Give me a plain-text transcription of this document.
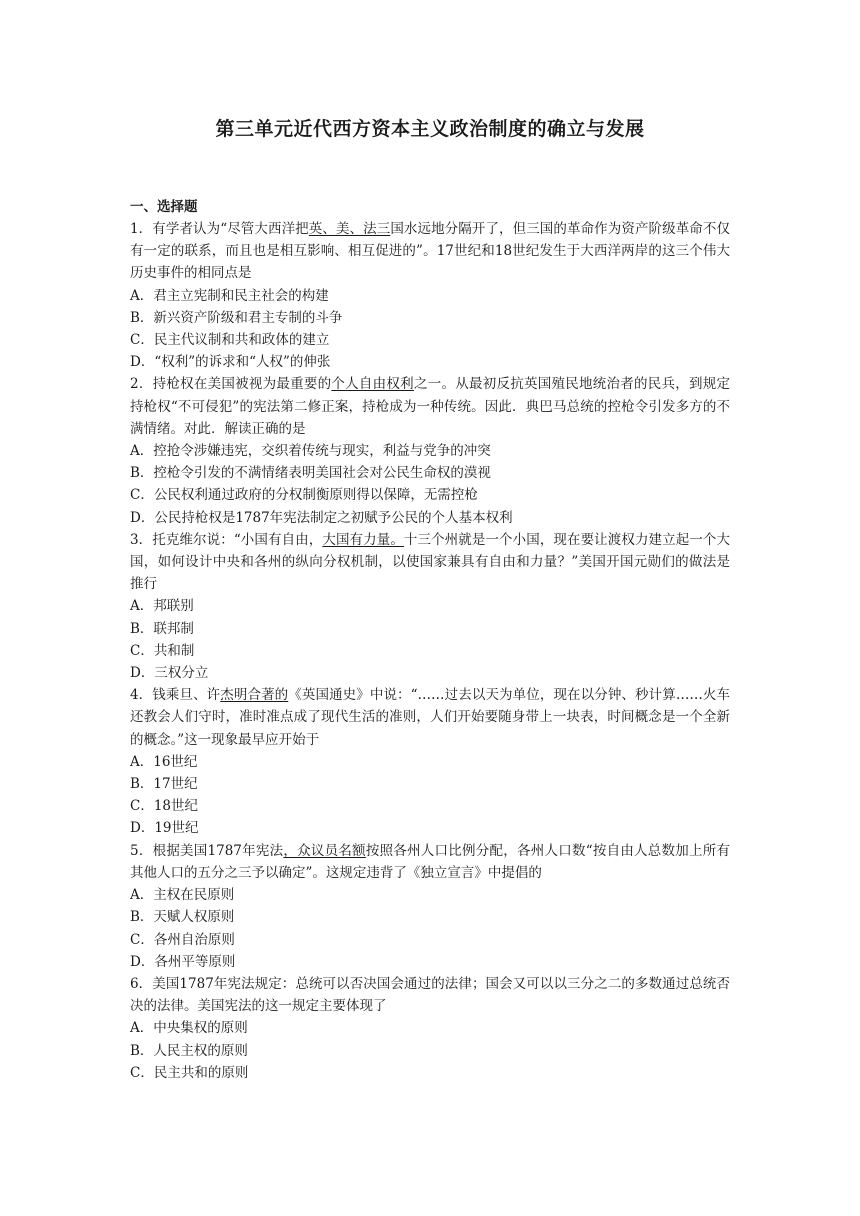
第三单元近代西方资本主义政治制度的确立与发展
一、选择题
1．有学者认为“尽管大西洋把英、美、法三国水远地分隔开了，但三国的革命作为资产阶级革命不仅有一定的联系，而且也是相互影响、相互促进的”。17世纪和18世纪发生于大西洋两岸的这三个伟大历史事件的相同点是
A．君主立宪制和民主社会的构建
B．新兴资产阶级和君主专制的斗争
C．民主代议制和共和政体的建立
D．“权利”的诉求和“人权”的伸张
2．持枪权在美国被视为最重要的个人自由权利之一。从最初反抗英国殖民地统治者的民兵，到规定持枪权“不可侵犯”的宪法第二修正案，持枪成为一种传统。因此．典巴马总统的控枪令引发多方的不满情绪。对此．解读正确的是
A．控抢令涉嫌违宪，交织着传统与现实，利益与党争的冲突
B．控枪令引发的不满情绪表明美国社会对公民生命权的漠视
C．公民权利通过政府的分权制衡原则得以保障，无需控枪
D．公民持枪权是1787年宪法制定之初赋予公民的个人基本权利
3．托克维尔说：“小国有自由，大国有力量。十三个州就是一个小国，现在要让渡权力建立起一个大国，如何设计中央和各州的纵向分权机制，以使国家兼具有自由和力量？”美国开国元勋们的做法是推行
A．邦联别
B．联邦制
C．共和制
D．三权分立
4．钱乘旦、许杰明合著的《英国通史》中说：“……过去以天为单位，现在以分钟、秒计算……火车还教会人们守时，准时准点成了现代生活的准则，人们开始要随身带上一块表，时间概念是一个全新的概念。”这一现象最早应开始于
A．16世纪
B．17世纪
C．18世纪
D．19世纪
5．根据美国1787年宪法，众议员名额按照各州人口比例分配，各州人口数“按自由人总数加上所有其他人口的五分之三予以确定”。这规定违背了《独立宣言》中提倡的
A．主权在民原则
B．天赋人权原则
C．各州自治原则
D．各州平等原则
6．美国1787年宪法规定：总统可以否决国会通过的法律；国会又可以以三分之二的多数通过总统否决的法律。美国宪法的这一规定主要体现了
A．中央集权的原则
B．人民主权的原则
C．民主共和的原则
